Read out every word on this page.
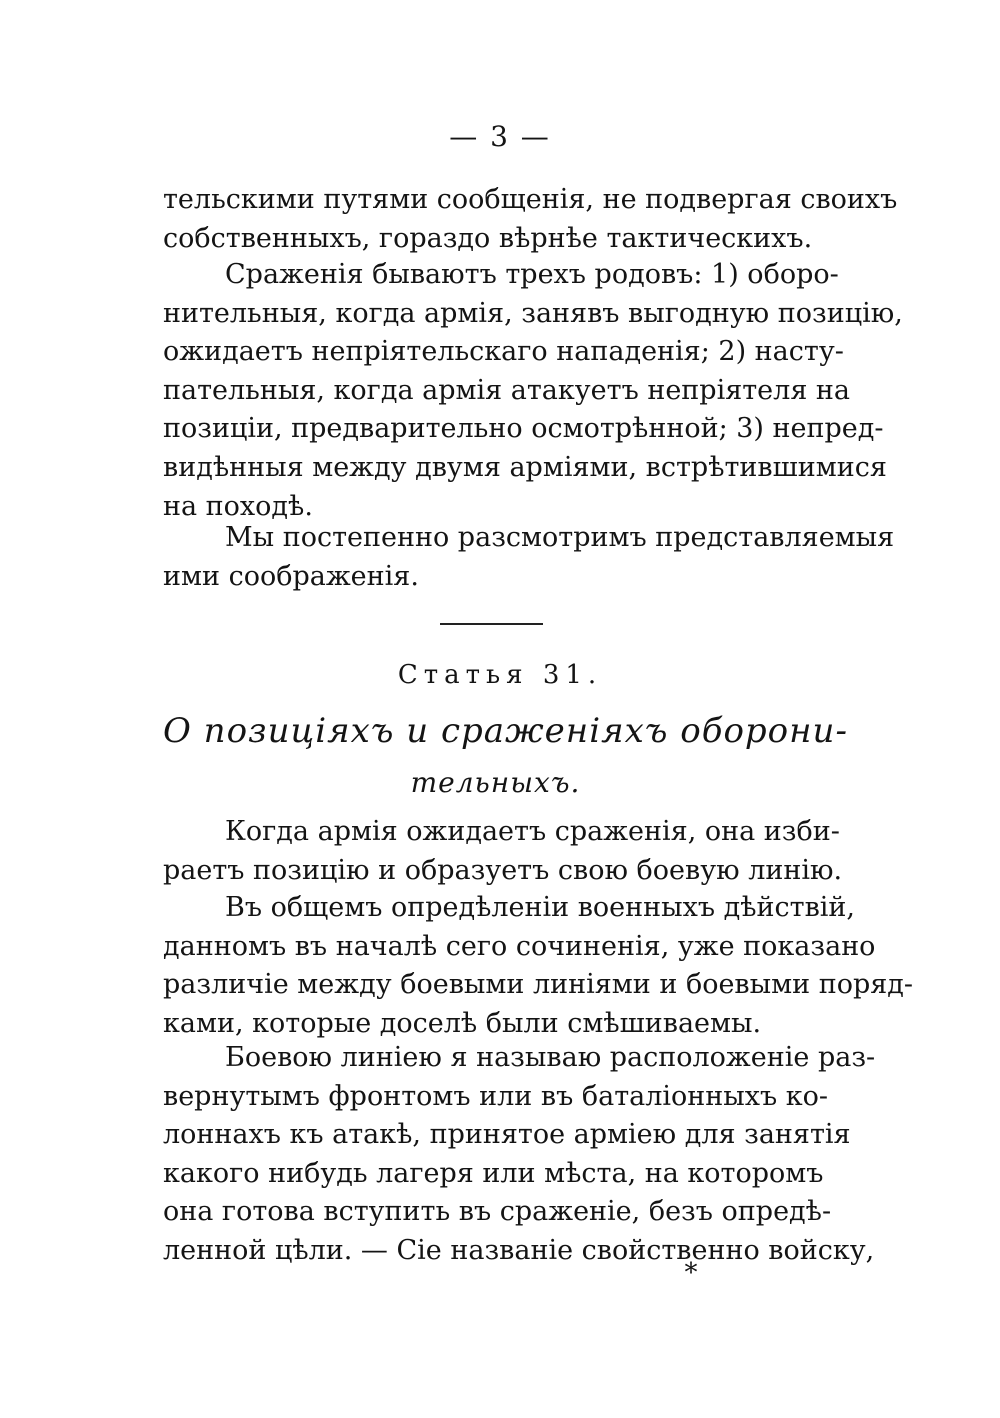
— 3 —
тельскими путями сообщенія, не подвергая своихъ
собственныхъ, гораздо вѣрнѣе тактическихъ.
Сраженія бываютъ трехъ родовъ: 1) оборо-
нительныя, когда армія, занявъ выгодную позицію,
ожидаетъ непріятельскаго нападенія; 2) насту-
пательныя, когда армія атакуетъ непріятеля на
позиціи, предварительно осмотрѣнной; 3) непред-
видѣнныя между двумя арміями, встрѣтившимися
на походѣ.
Мы постепенно разсмотримъ представляемыя
ими соображенія.
Статья 31.
О позиціяхъ и сраженіяхъ оборони-
тельныхъ.
Когда армія ожидаетъ сраженія, она изби-
раетъ позицію и образуетъ свою боевую линію.
Въ общемъ опредѣленіи военныхъ дѣйствій,
данномъ въ началѣ сего сочиненія, уже показано
различіе между боевыми линіями и боевыми поряд-
ками, которые доселѣ были смѣшиваемы.
Боевою линіею я называю расположеніе раз-
вернутымъ фронтомъ или въ баталіонныхъ ко-
лоннахъ къ атакѣ, принятое арміею для занятія
какого нибудь лагеря или мѣста, на которомъ
она готова вступить въ сраженіе, безъ опредѣ-
ленной цѣли. — Сіе названіе свойственно войску,
*
